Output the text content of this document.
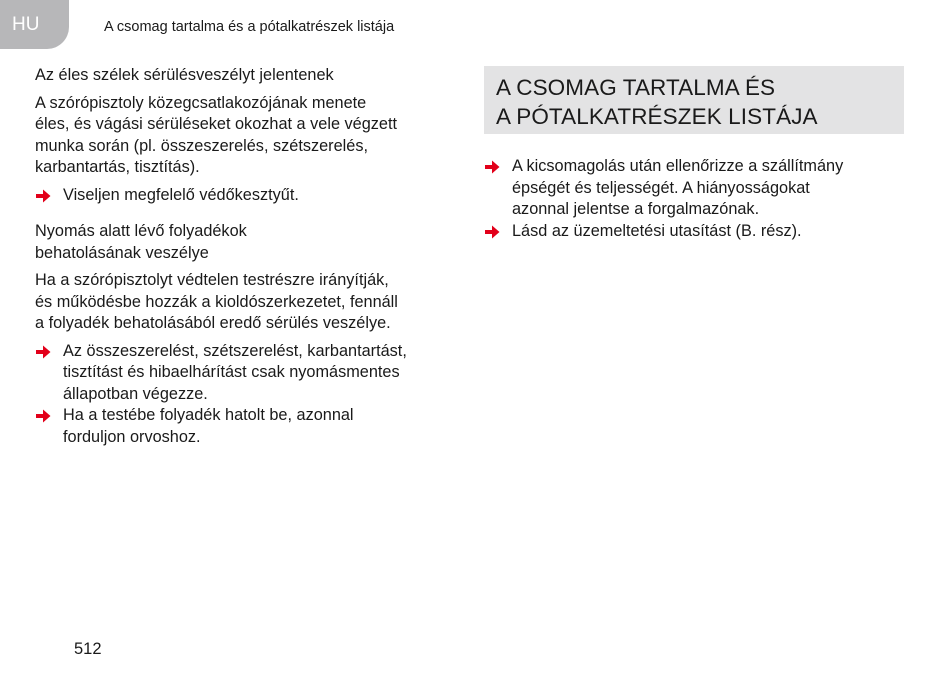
HU	A csomag tartalma és a pótalkatrészek listája

Az éles szélek sérülésveszélyt jelentenek

A szórópisztoly közegcsatlakozójának menete

éles, és vágási sérüléseket okozhat a vele végzett

munka során (pl. összeszerelés, szétszerelés,

karbantartás, tisztítás).

Viseljen megfelelő védőkesztyűt.

Nyomás alatt lévő folyadékok

behatolásának veszélye

Ha a szórópisztolyt védtelen testrészre irányítják,

és működésbe hozzák a kioldószerkezetet, fennáll

a folyadék behatolásából eredő sérülés veszélye.

Az összeszerelést, szétszerelést, karbantartást,
tisztítást és hibaelhárítást csak nyomásmentes
állapotban végezze.
Ha a testébe folyadék hatolt be, azonnal
forduljon orvoshoz.
A CSOMAG TARTALMA ÉS
A PÓTALKATRÉSZEK LISTÁJA
A kicsomagolás után ellenőrizze a szállítmány
épségét és teljességét. A hiányosságokat
azonnal jelentse a forgalmazónak.
Lásd az üzemeltetési utasítást (B. rész).
512
